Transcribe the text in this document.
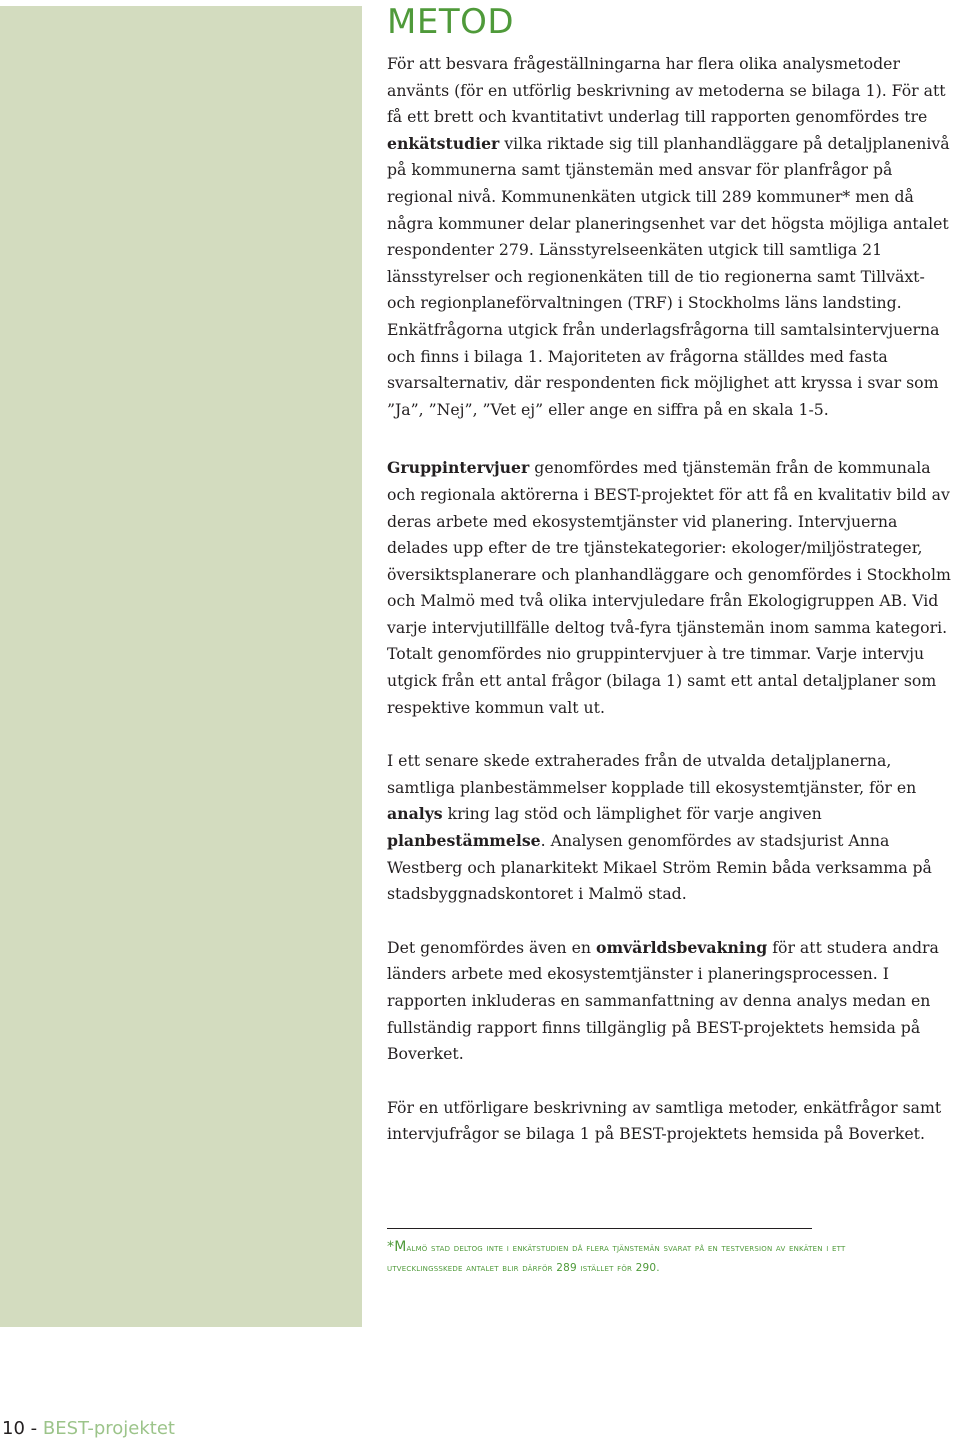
METOD

För att besvara frågeställningarna har flera olika analysmetoder använts (för en utförlig beskrivning av metoderna se bilaga 1). För att få ett brett och kvantitativt underlag till rapporten genomfördes tre enkätstudier vilka riktade sig till planhandläggare på detaljplanenivå på kommunerna samt tjänstemän med ansvar för planfrågor på regional nivå. Kommunenkäten utgick till 289 kommuner* men då några kommuner delar planeringsenhet var det högsta möjliga antalet respondenter 279. Länsstyrelseenkäten utgick till samtliga 21 länsstyrelser och regionenkäten till de tio regionerna samt Tillväxt- och regionplaneförvaltningen (TRF) i Stockholms läns landsting. Enkätfrågorna utgick från underlagsfrågorna till samtalsintervjuerna och finns i bilaga 1. Majoriteten av frågorna ställdes med fasta svarsalternativ, där respondenten fick möjlighet att kryssa i svar som ”Ja”, ”Nej”, ”Vet ej” eller ange en siffra på en skala 1-5.

Gruppintervjuer genomfördes med tjänstemän från de kommunala och regionala aktörerna i BEST-projektet för att få en kvalitativ bild av deras arbete med ekosystemtjänster vid planering. Intervjuerna delades upp efter de tre tjänstekategorier: ekologer/miljöstrateger, översiktsplanerare och planhandläggare och genomfördes i Stockholm och Malmö med två olika intervjuledare från Ekologigruppen AB. Vid varje intervjutillfälle deltog två-fyra tjänstemän inom samma kategori. Totalt genomfördes nio gruppintervjuer à tre timmar. Varje intervju utgick från ett antal frågor (bilaga 1) samt ett antal detaljplaner som respektive kommun valt ut.

I ett senare skede extraherades från de utvalda detaljplanerna, samtliga planbestämmelser kopplade till ekosystemtjänster, för en analys kring lag stöd och lämplighet för varje angiven planbestämmelse. Analysen genomfördes av stadsjurist Anna Westberg och planarkitekt Mikael Ström Remin båda verksamma på stadsbyggnadskontoret i Malmö stad.

Det genomfördes även en omvärldsbevakning för att studera andra länders arbete med ekosystemtjänster i planeringsprocessen. I rapporten inkluderas en sammanfattning av denna analys medan en fullständig rapport finns tillgänglig på BEST-projektets hemsida på Boverket.

För en utförligare beskrivning av samtliga metoder, enkätfrågor samt intervjufrågor se bilaga 1 på BEST-projektets hemsida på Boverket.

*Malmö stad deltog inte i enkätstudien då flera tjänstemän svarat på en testversion av enkäten i ett utvecklingsskede antalet blir därför 289 istället för 290.
10 - BEST-projektet
